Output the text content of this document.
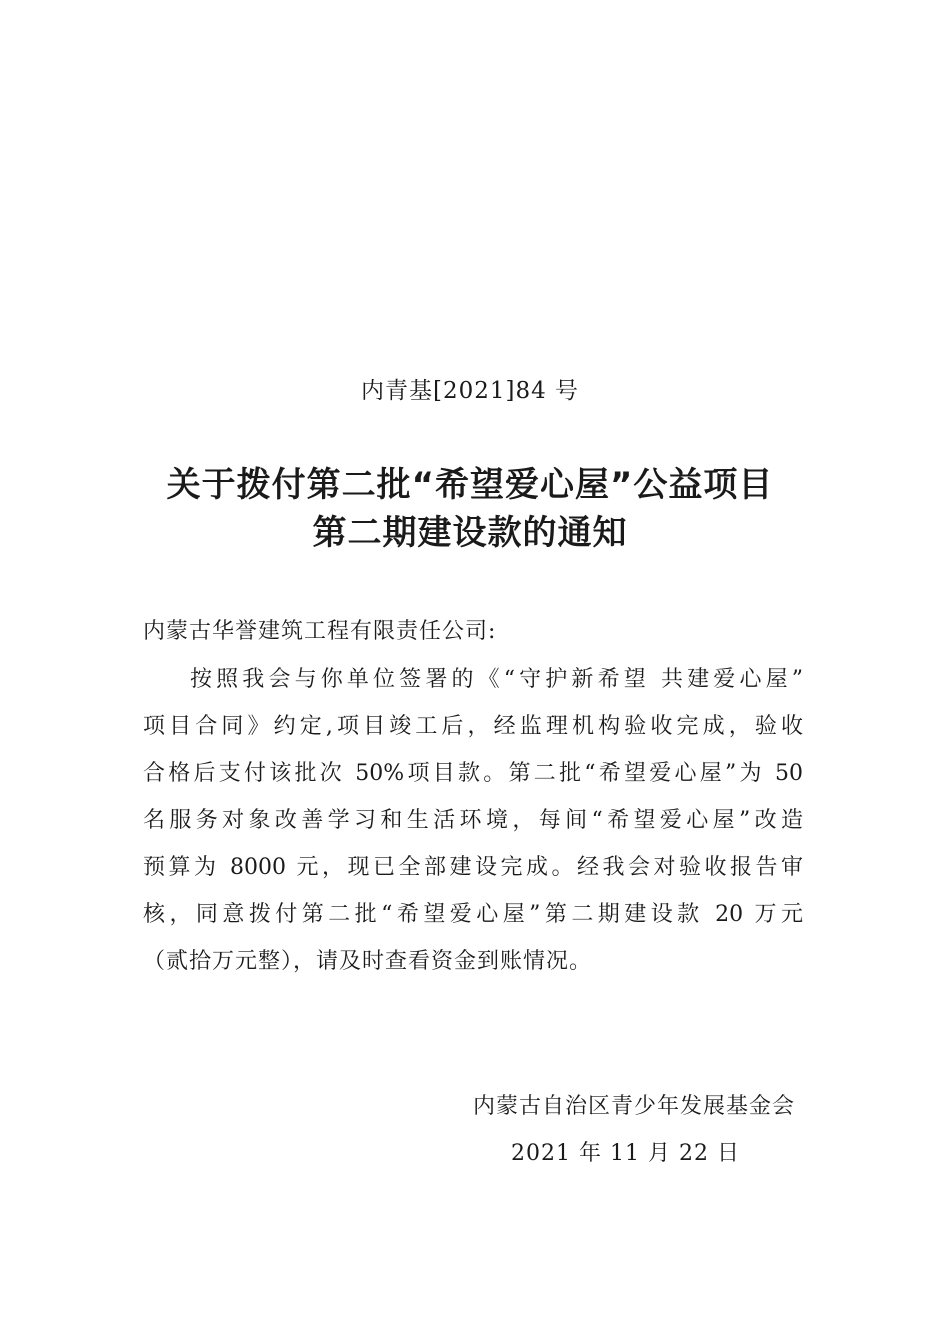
内青基[2021]84 号
关于拨付第二批“希望爱心屋”公益项目
第二期建设款的通知
内蒙古华誉建筑工程有限责任公司:
按照我会与你单位签署的《“守护新希望 共建爱心屋”
项目合同》约定,项目竣工后，经监理机构验收完成，验收
合格后支付该批次 50%项目款。第二批“希望爱心屋”为 50
名服务对象改善学习和生活环境，每间“希望爱心屋”改造
预算为 8000 元，现已全部建设完成。经我会对验收报告审
核，同意拨付第二批“希望爱心屋”第二期建设款 20 万元
（贰拾万元整），请及时查看资金到账情况。
内蒙古自治区青少年发展基金会
2021 年 11 月 22 日
